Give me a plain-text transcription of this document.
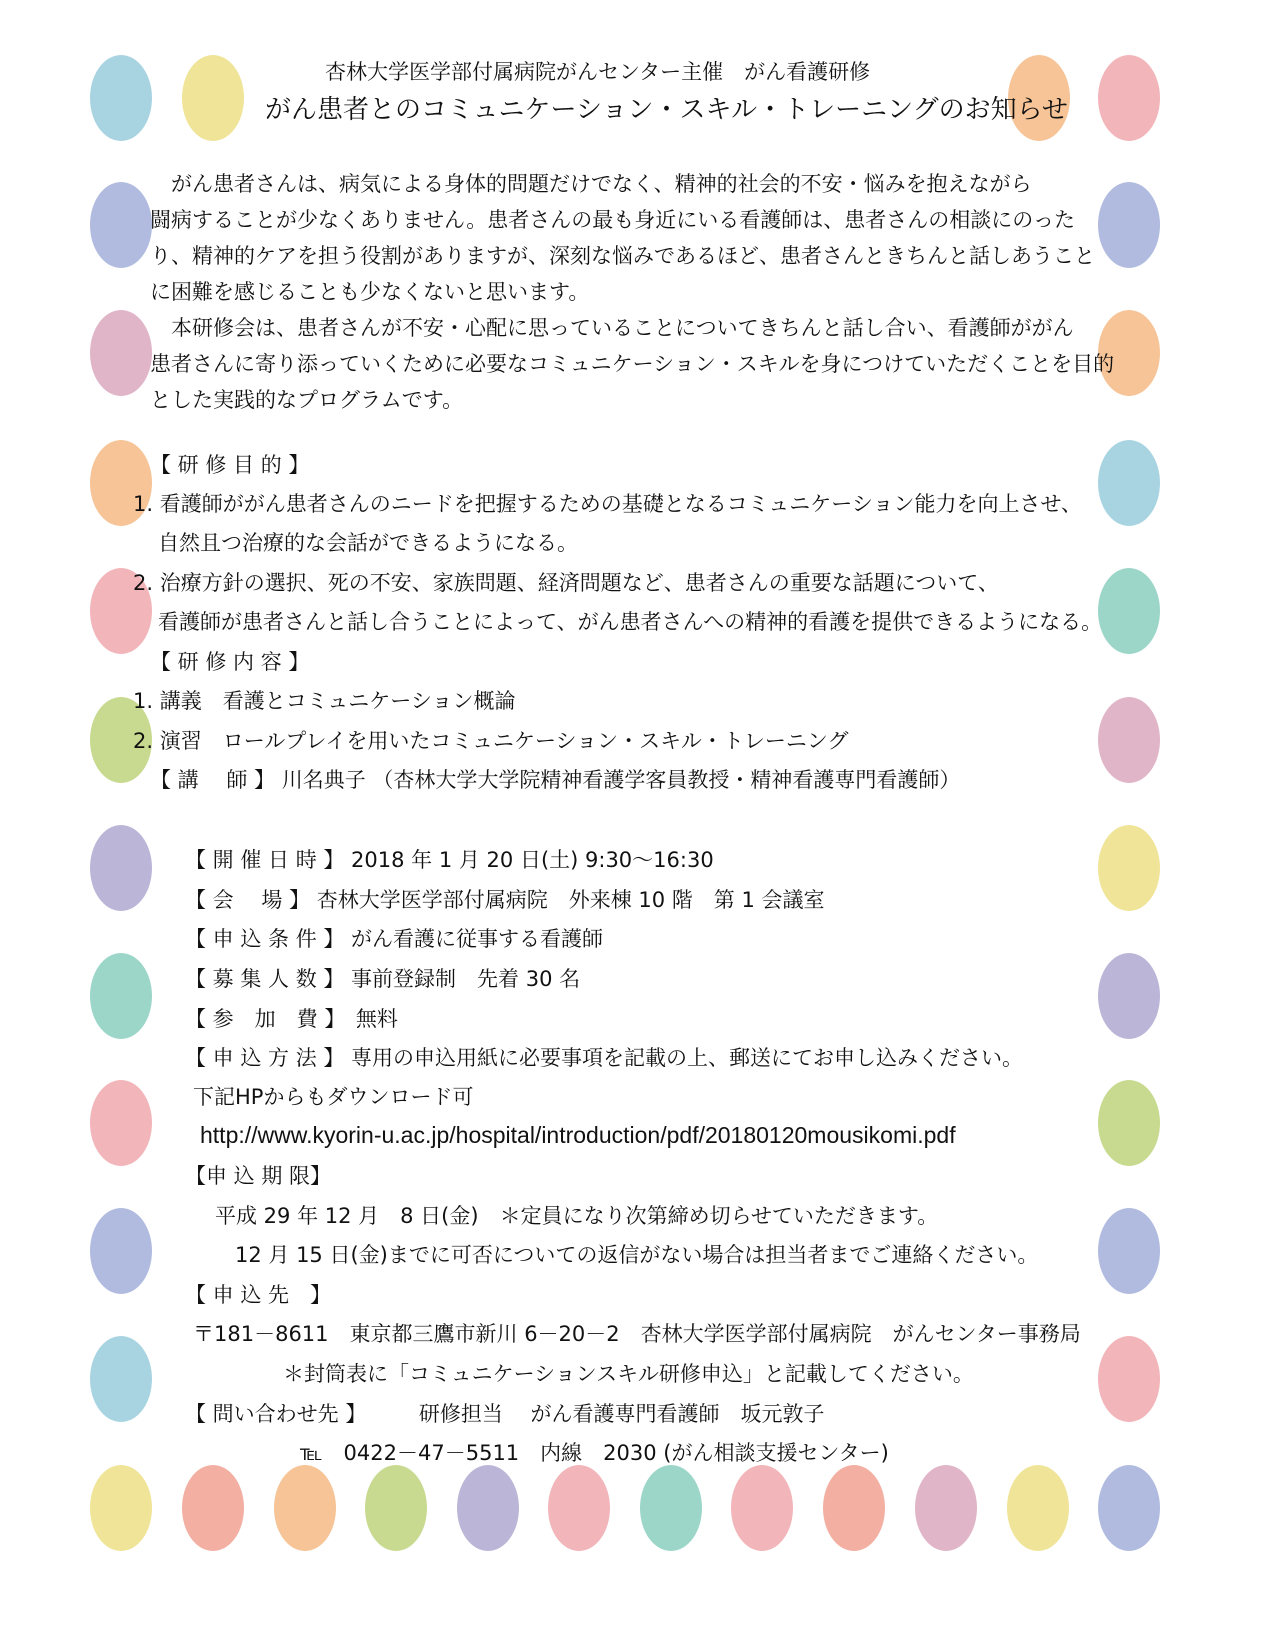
杏林大学医学部付属病院がんセンター主催　がん看護研修
がん患者とのコミュニケーション・スキル・トレーニングのお知らせ
　がん患者さんは、病気による身体的問題だけでなく、精神的社会的不安・悩みを抱えながら
闘病することが少なくありません。患者さんの最も身近にいる看護師は、患者さんの相談にのった
り、精神的ケアを担う役割がありますが、深刻な悩みであるほど、患者さんときちんと話しあうこと
に困難を感じることも少なくないと思います。
　本研修会は、患者さんが不安・心配に思っていることについてきちんと話し合い、看護師ががん
患者さんに寄り添っていくために必要なコミュニケーション・スキルを身につけていただくことを目的
とした実践的なプログラムです。
【 研 修 目 的 】
1. 看護師ががん患者さんのニードを把握するための基礎となるコミュニケーション能力を向上させ、
自然且つ治療的な会話ができるようになる。
2. 治療方針の選択、死の不安、家族問題、経済問題など、患者さんの重要な話題について、
看護師が患者さんと話し合うことによって、がん患者さんへの精神的看護を提供できるようになる。
【 研 修 内 容 】
1. 講義　看護とコミュニケーション概論
2. 演習　ロールプレイを用いたコミュニケーション・スキル・トレーニング
【 講　 師 】 川名典子 （杏林大学大学院精神看護学客員教授・精神看護専門看護師）
【 開 催 日 時 】 2018 年 1 月 20 日(土) 9:30～16:30
【 会　 場 】 杏林大学医学部付属病院　外来棟 10 階　第 1 会議室
【 申 込 条 件 】 がん看護に従事する看護師
【 募 集 人 数 】 事前登録制　先着 30 名
【 参　加　費 】　無料
【 申 込 方 法 】 専用の申込用紙に必要事項を記載の上、郵送にてお申し込みください。
下記HPからもダウンロード可
http://www.kyorin-u.ac.jp/hospital/introduction/pdf/20180120mousikomi.pdf
【申 込 期 限】
平成 29 年 12 月　8 日(金)　＊定員になり次第締め切らせていただきます。
12 月 15 日(金)までに可否についての返信がない場合は担当者までご連絡ください。
【 申 込 先　】
〒181－8611　東京都三鷹市新川 6－20－2　杏林大学医学部付属病院　がんセンター事務局
＊封筒表に「コミュニケーションスキル研修申込」と記載してください。
【 問い合わせ先 】　　　研修担当　 がん看護専門看護師　坂元敦子
℡　0422－47－5511　内線　2030 (がん相談支援センター)
